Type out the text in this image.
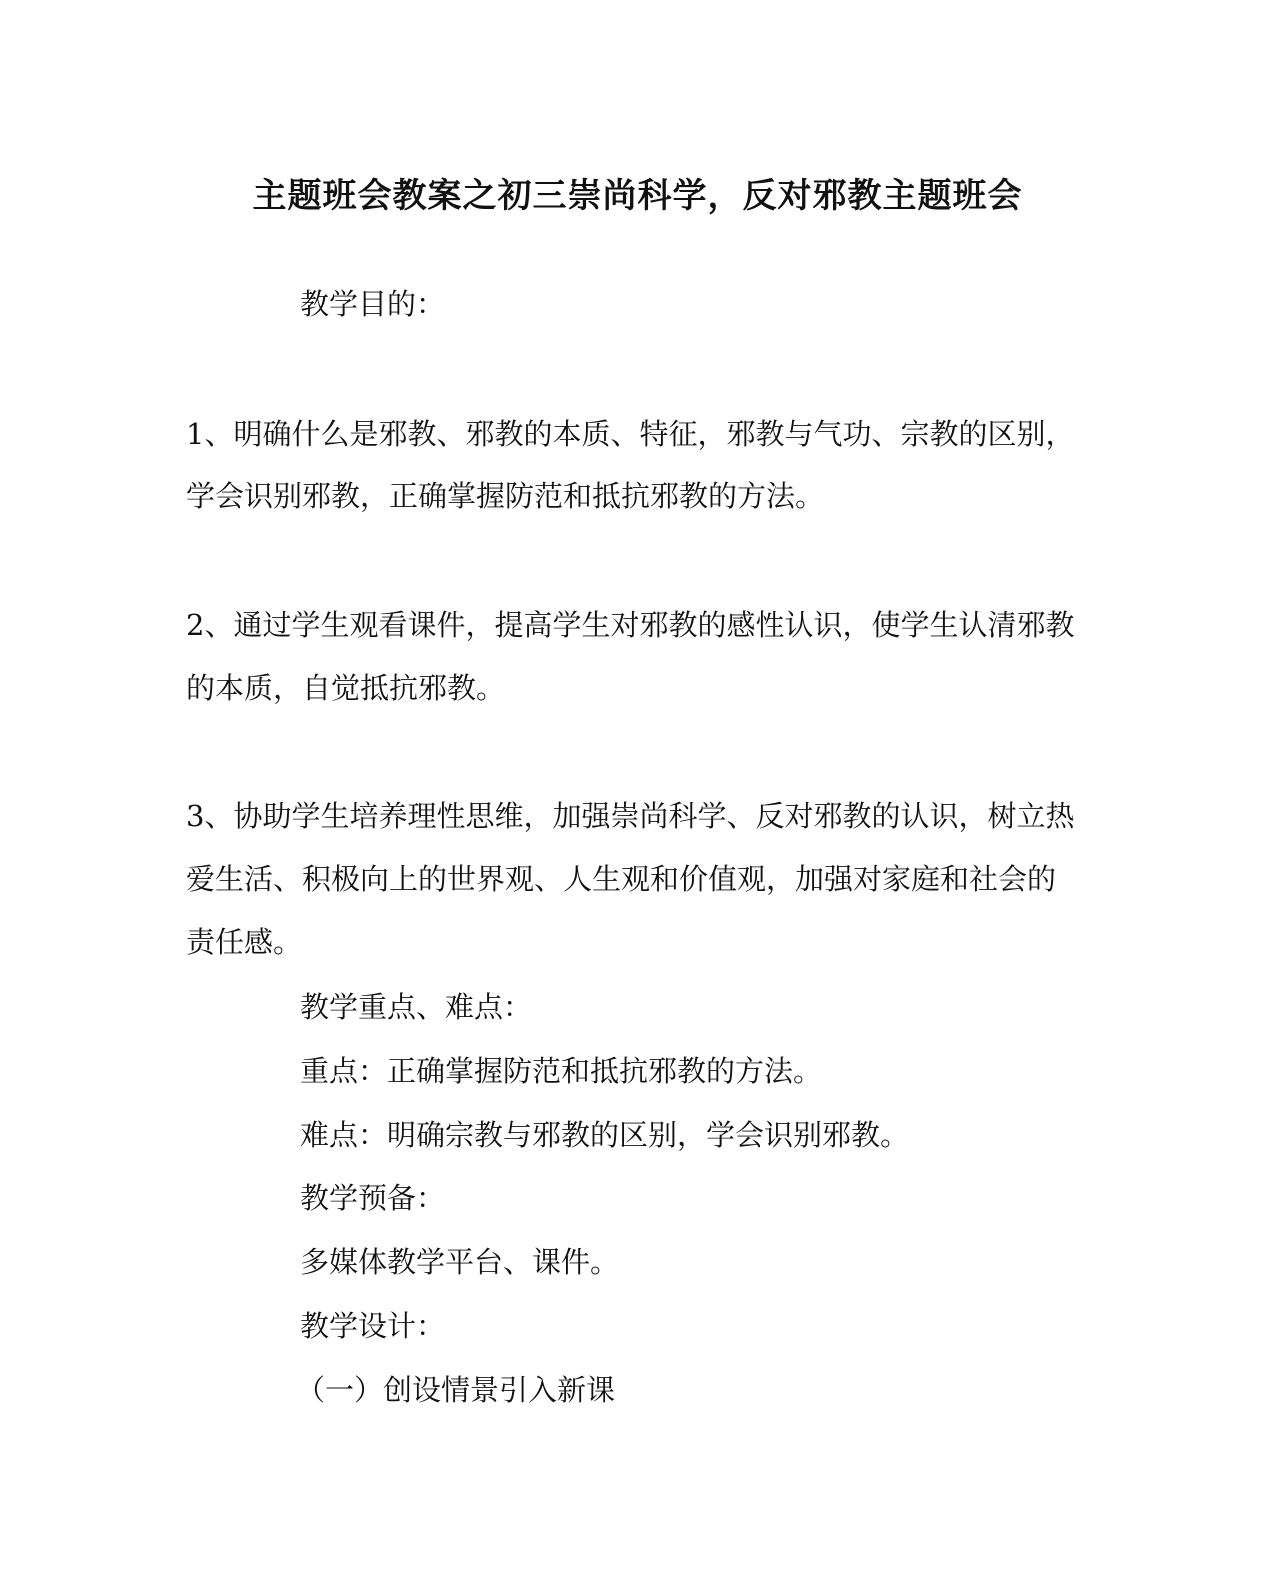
主题班会教案之初三崇尚科学，反对邪教主题班会
教学目的：
1、明确什么是邪教、邪教的本质、特征，邪教与气功、宗教的区别，
学会识别邪教，正确掌握防范和抵抗邪教的方法。
2、通过学生观看课件，提高学生对邪教的感性认识，使学生认清邪教
的本质，自觉抵抗邪教。
3、协助学生培养理性思维，加强崇尚科学、反对邪教的认识，树立热
爱生活、积极向上的世界观、人生观和价值观，加强对家庭和社会的
责任感。
教学重点、难点：
重点：正确掌握防范和抵抗邪教的方法。
难点：明确宗教与邪教的区别，学会识别邪教。
教学预备：
多媒体教学平台、课件。
教学设计：
（一）创设情景引入新课
